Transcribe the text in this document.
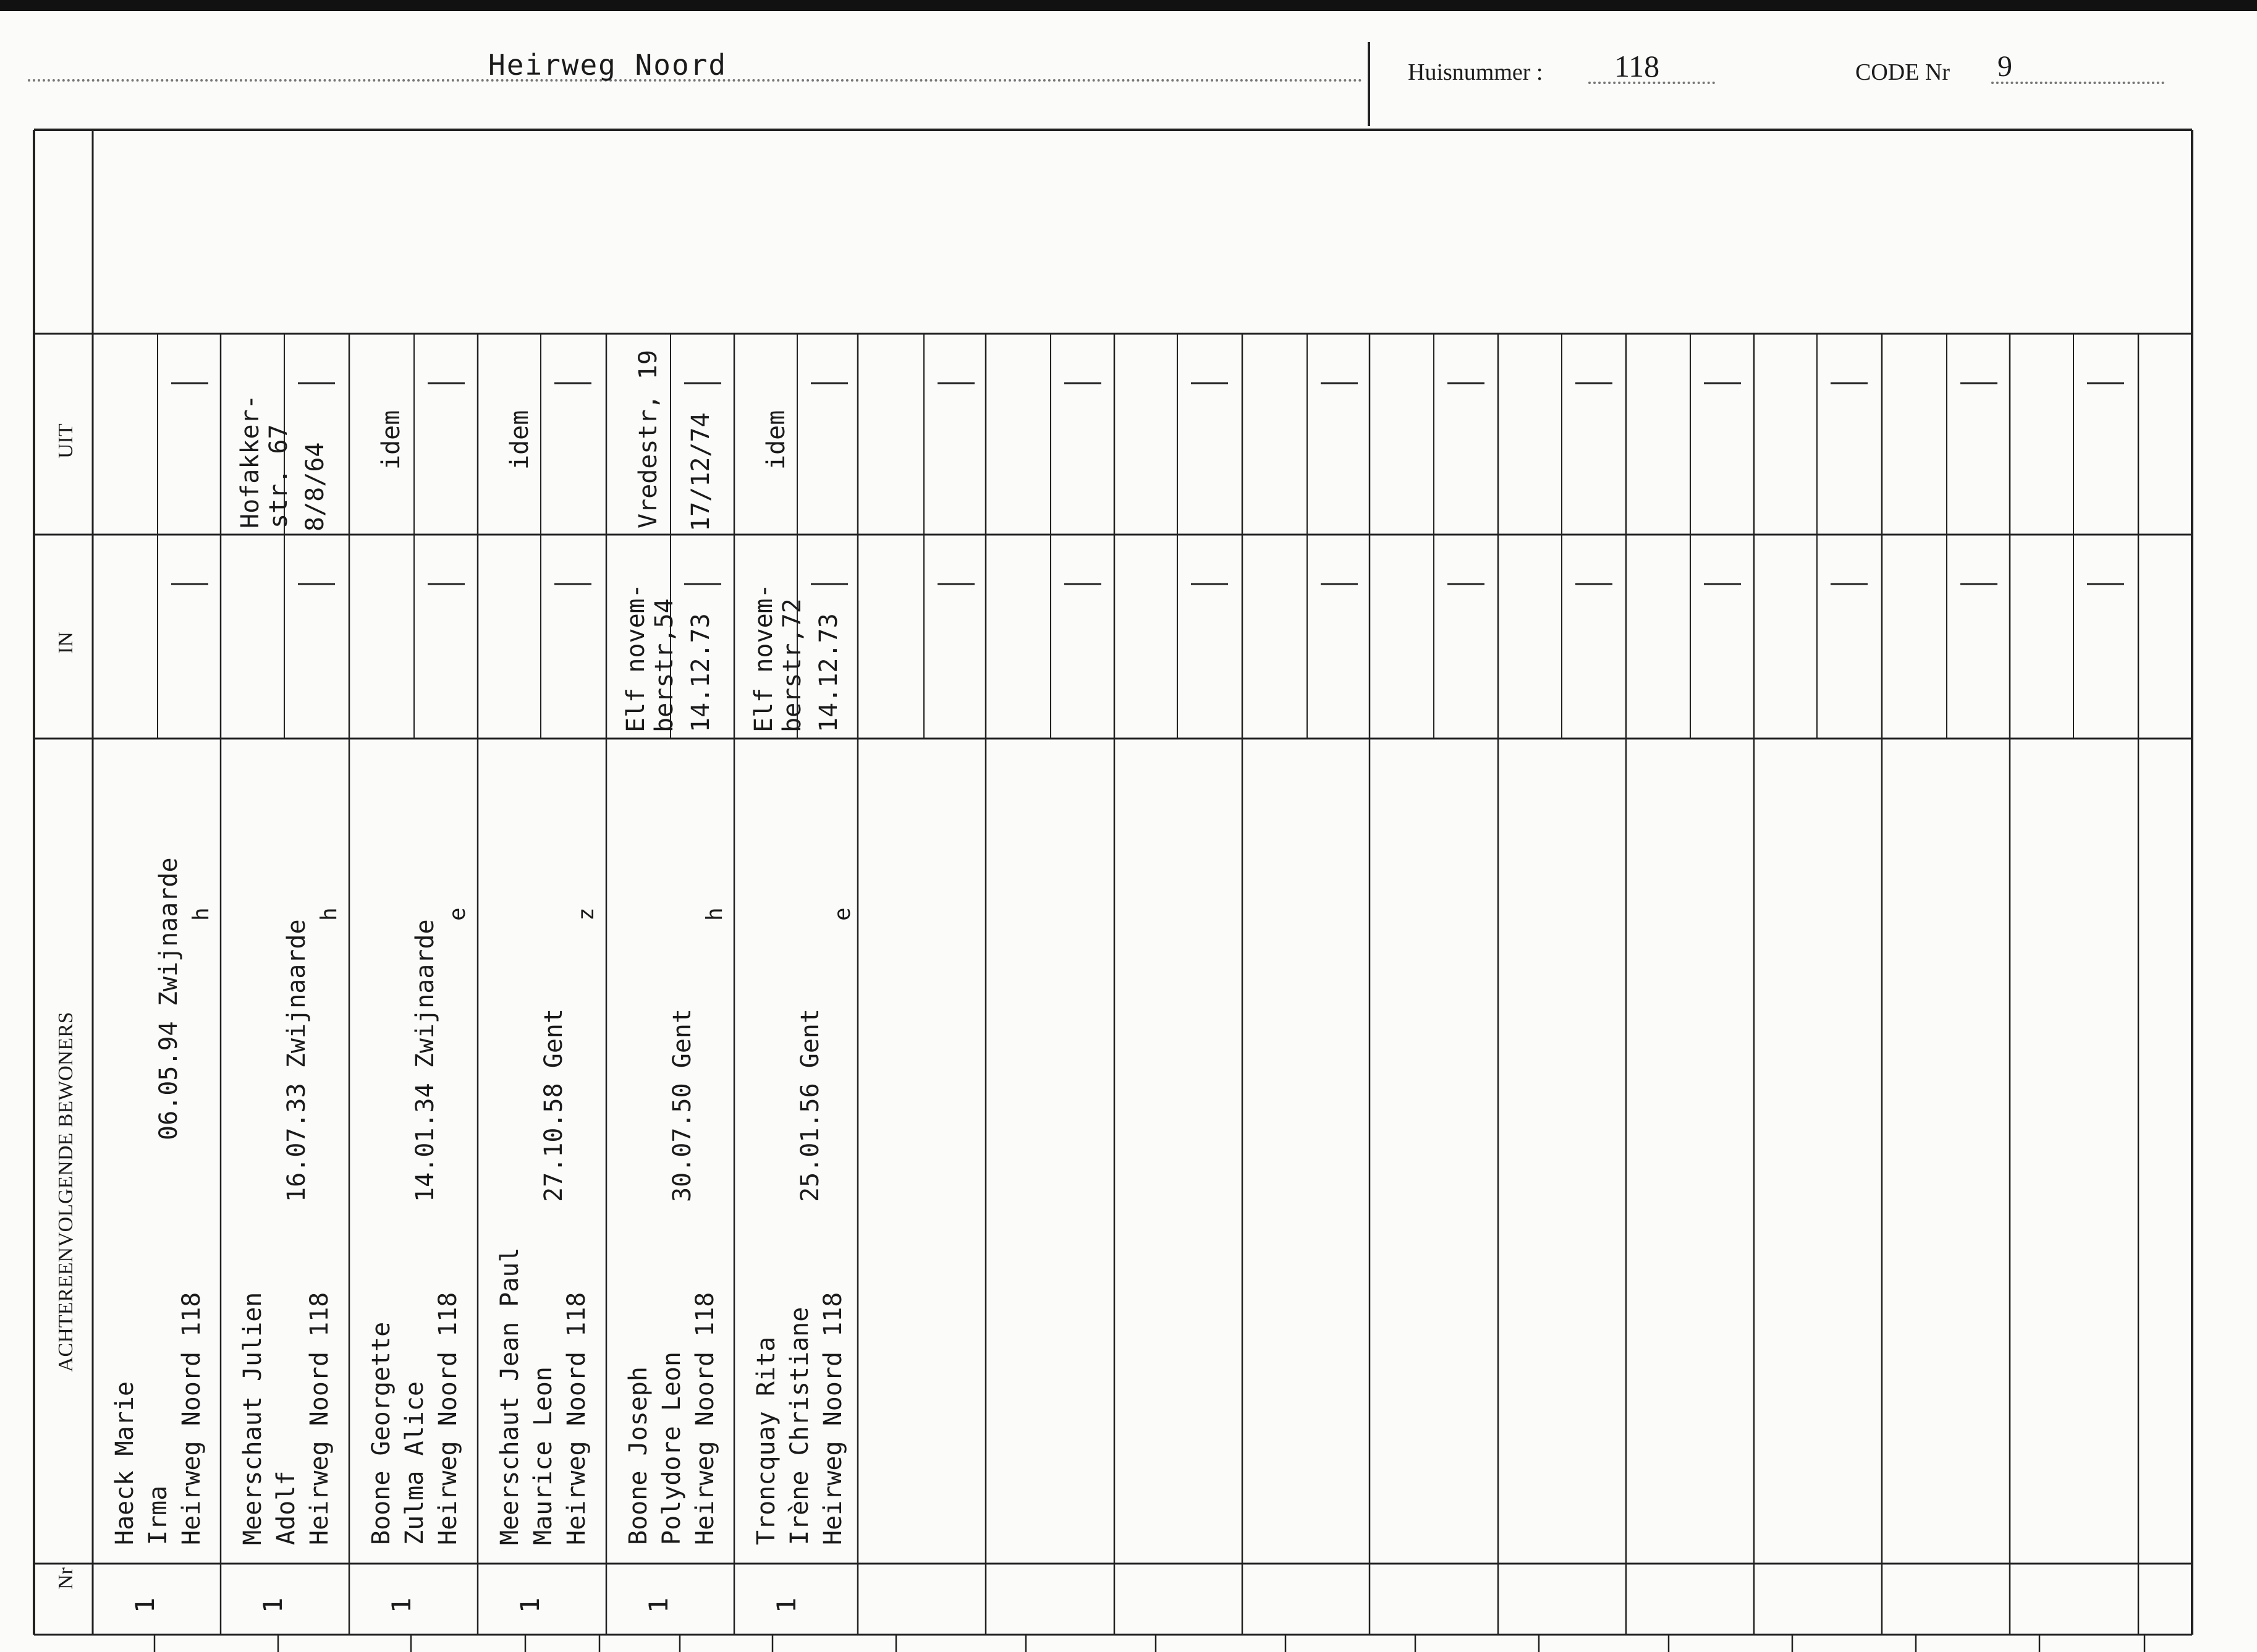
Heirweg Noord	Huisnummer : 118	CODE Nr 9
UIT
IN
ACHTEREENVOLGENDE BEWONERS
Nr
1
Haeck Marie Irma Heirweg Noord 118
06.05.94 Zwijnaarde h
1
Meerschaut Julien Adolf Heirweg Noord 118
16.07.33 Zwijnaarde
h
Hofakker- str. 67 8/8/64
1
Boone Georgette Zulma Alice Heirweg Noord 118
14.01.34 Zwijnaarde
e
idem
1
Meerschaut Jean Paul Maurice Leon Heirweg Noord 118
27.10.58 Gent
z
idem
1
Boone Joseph Polydore Leon Heirweg Noord 118
30.07.50 Gent
h
Elf novem- berstr,54 14.12.73
Vredestr, 19 17/12/74
1
Troncquay Rita Irène Christiane Heirweg Noord 118
25.01.56 Gent
e
Elf novem- berstr,72 14.12.73
idem
